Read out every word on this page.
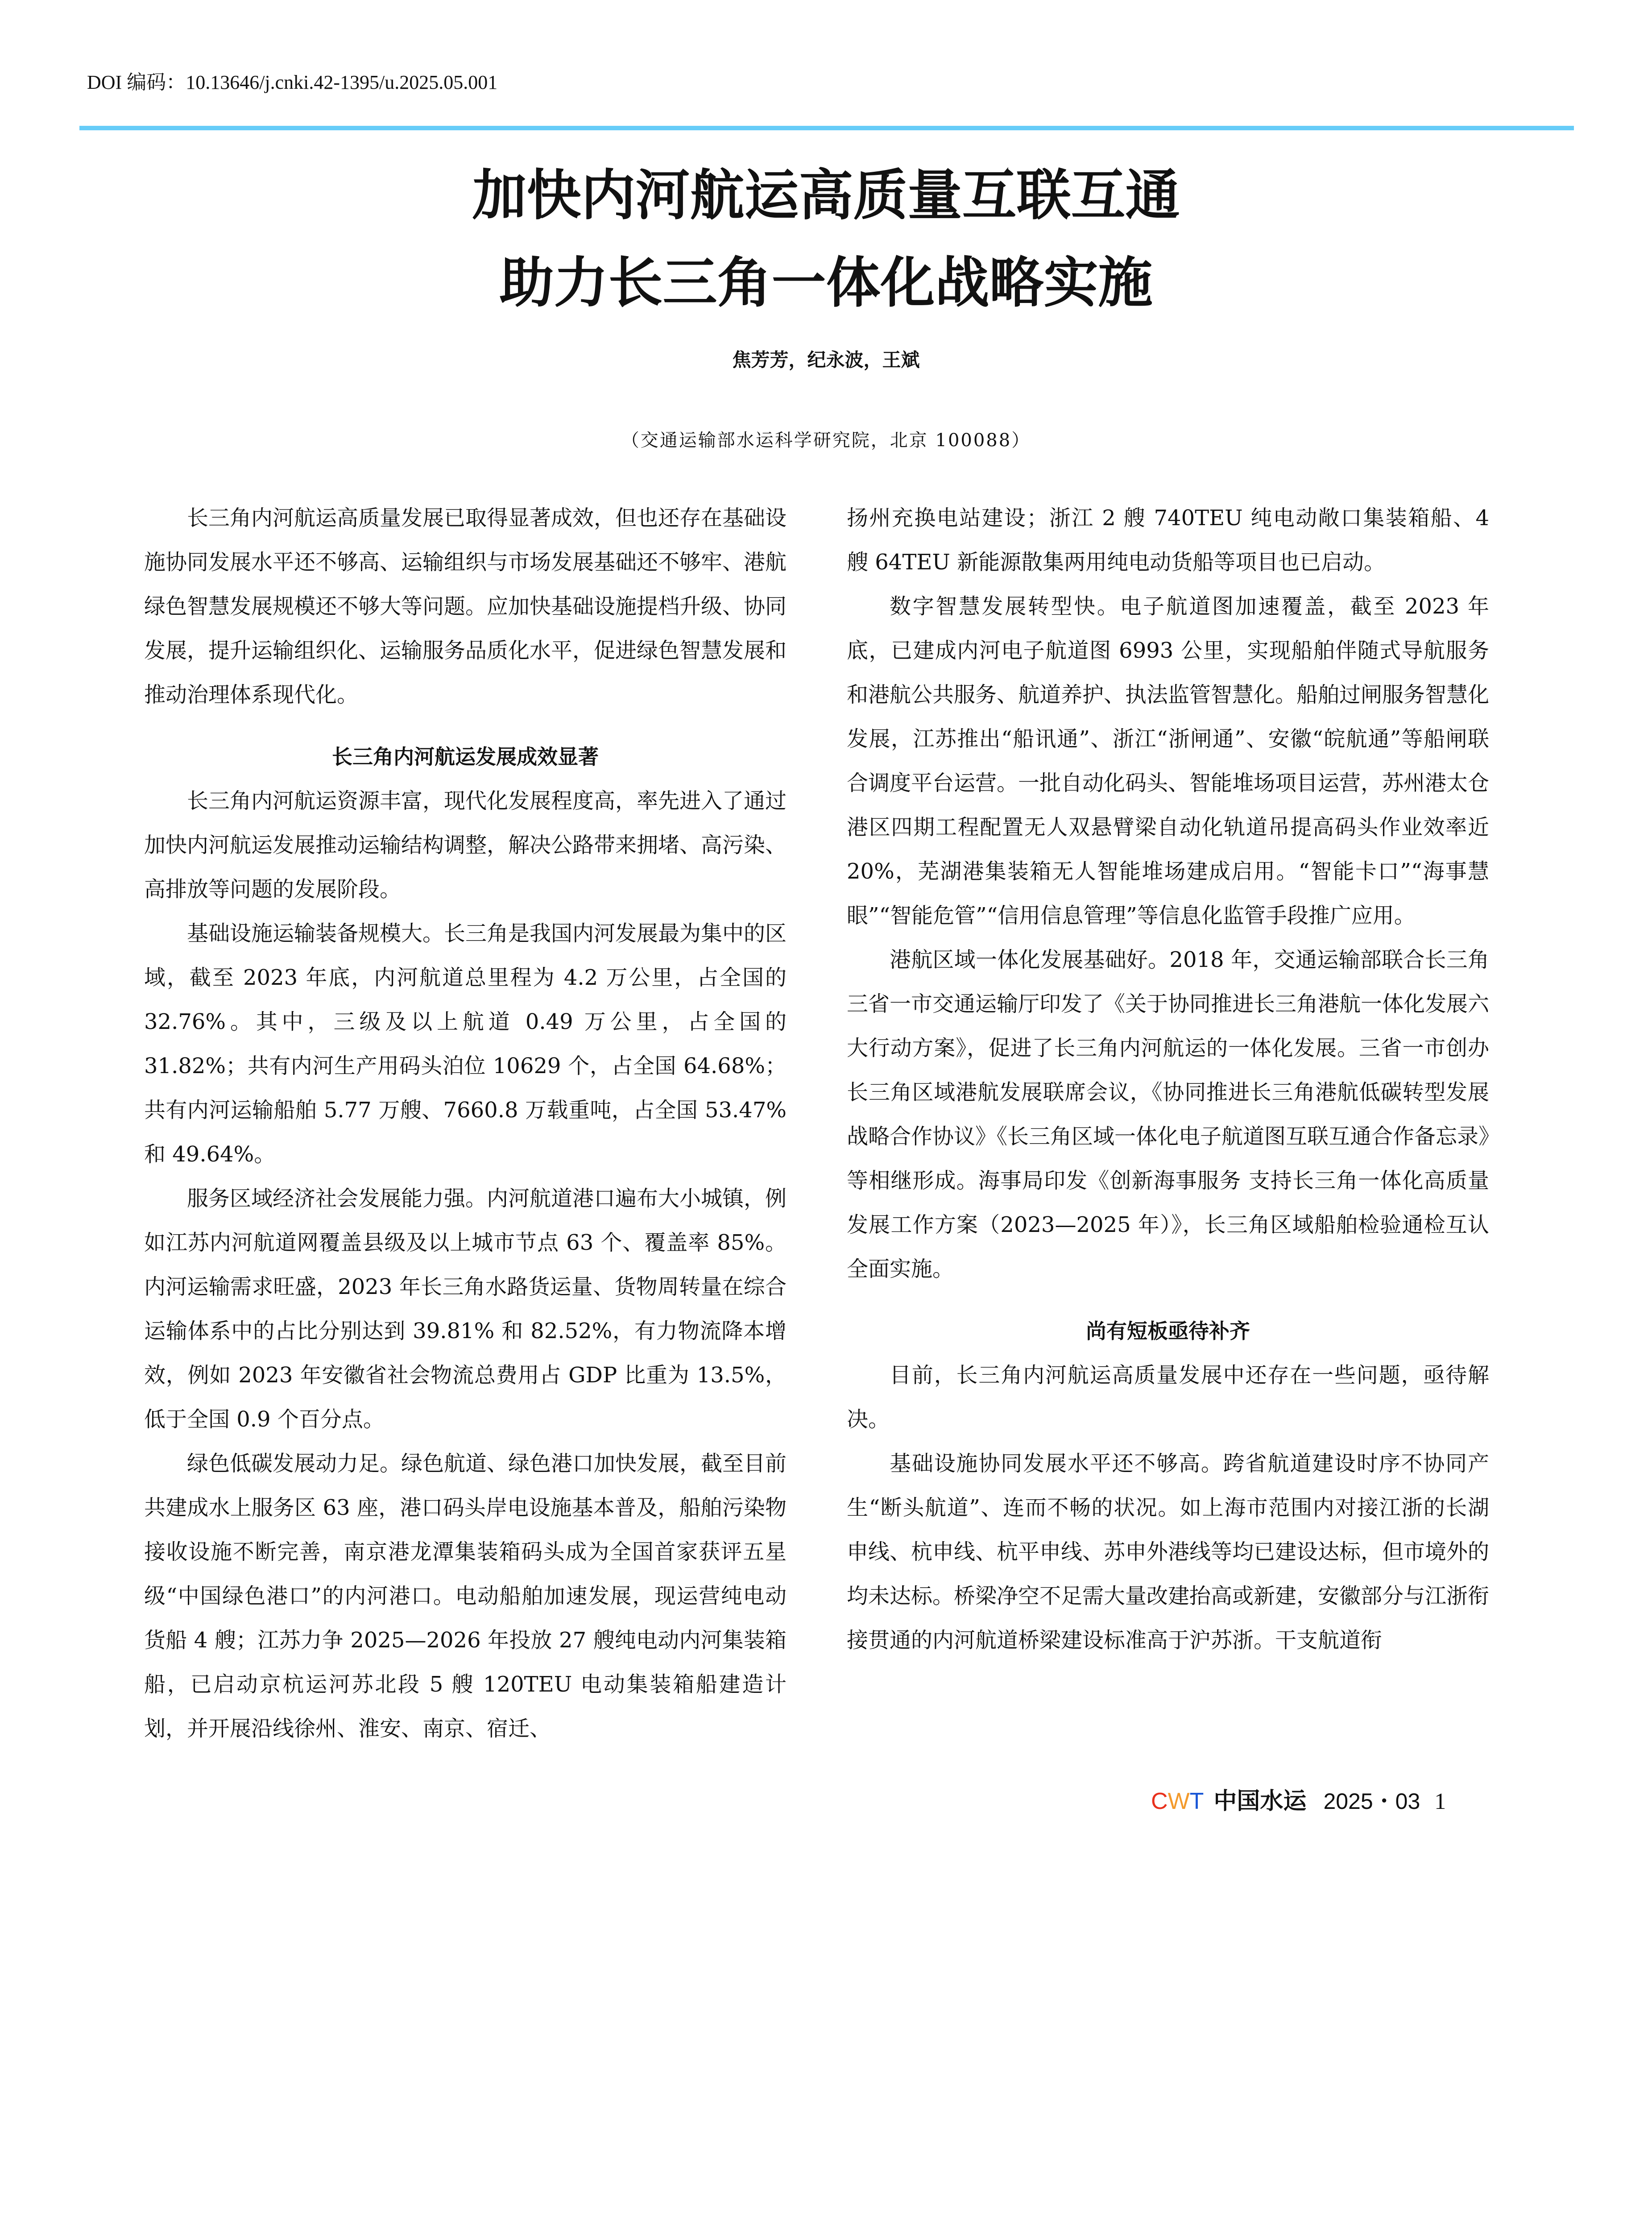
DOI 编码：10.13646/j.cnki.42-1395/u.2025.05.001
加快内河航运高质量互联互通
助力长三角一体化战略实施
焦芳芳，纪永波，王斌
（交通运输部水运科学研究院，北京 100088）

长三角内河航运高质量发展已取得显著成效，但也还存在基础设施协同发展水平还不够高、运输组织与市场发展基础还不够牢、港航绿色智慧发展规模还不够大等问题。应加快基础设施提档升级、协同发展，提升运输组织化、运输服务品质化水平，促进绿色智慧发展和推动治理体系现代化。

长三角内河航运发展成效显著

长三角内河航运资源丰富，现代化发展程度高，率先进入了通过加快内河航运发展推动运输结构调整，解决公路带来拥堵、高污染、高排放等问题的发展阶段。

基础设施运输装备规模大。长三角是我国内河发展最为集中的区域，截至 2023 年底，内河航道总里程为 4.2 万公里，占全国的 32.76%。其中，三级及以上航道 0.49 万公里，占全国的 31.82%；共有内河生产用码头泊位 10629 个，占全国 64.68%；共有内河运输船舶 5.77 万艘、7660.8 万载重吨，占全国 53.47% 和 49.64%。

服务区域经济社会发展能力强。内河航道港口遍布大小城镇，例如江苏内河航道网覆盖县级及以上城市节点 63 个、覆盖率 85%。内河运输需求旺盛，2023 年长三角水路货运量、货物周转量在综合运输体系中的占比分别达到 39.81% 和 82.52%，有力物流降本增效，例如 2023 年安徽省社会物流总费用占 GDP 比重为 13.5%，低于全国 0.9 个百分点。

绿色低碳发展动力足。绿色航道、绿色港口加快发展，截至目前共建成水上服务区 63 座，港口码头岸电设施基本普及，船舶污染物接收设施不断完善，南京港龙潭集装箱码头成为全国首家获评五星级“中国绿色港口”的内河港口。电动船舶加速发展，现运营纯电动货船 4 艘；江苏力争 2025—2026 年投放 27 艘纯电动内河集装箱船，已启动京杭运河苏北段 5 艘 120TEU 电动集装箱船建造计划，并开展沿线徐州、淮安、南京、宿迁、

扬州充换电站建设；浙江 2 艘 740TEU 纯电动敞口集装箱船、4 艘 64TEU 新能源散集两用纯电动货船等项目也已启动。

数字智慧发展转型快。电子航道图加速覆盖，截至 2023 年底，已建成内河电子航道图 6993 公里，实现船舶伴随式导航服务和港航公共服务、航道养护、执法监管智慧化。船舶过闸服务智慧化发展，江苏推出“船讯通”、浙江“浙闸通”、安徽“皖航通”等船闸联合调度平台运营。一批自动化码头、智能堆场项目运营，苏州港太仓港区四期工程配置无人双悬臂梁自动化轨道吊提高码头作业效率近 20%，芜湖港集装箱无人智能堆场建成启用。“智能卡口”“海事慧眼”“智能危管”“信用信息管理”等信息化监管手段推广应用。

港航区域一体化发展基础好。2018 年，交通运输部联合长三角三省一市交通运输厅印发了《关于协同推进长三角港航一体化发展六大行动方案》，促进了长三角内河航运的一体化发展。三省一市创办长三角区域港航发展联席会议，《协同推进长三角港航低碳转型发展战略合作协议》《长三角区域一体化电子航道图互联互通合作备忘录》等相继形成。海事局印发《创新海事服务 支持长三角一体化高质量发展工作方案（2023—2025 年）》，长三角区域船舶检验通检互认全面实施。

尚有短板亟待补齐

目前，长三角内河航运高质量发展中还存在一些问题，亟待解决。

基础设施协同发展水平还不够高。跨省航道建设时序不协同产生“断头航道”、连而不畅的状况。如上海市范围内对接江浙的长湖申线、杭申线、杭平申线、苏申外港线等均已建设达标，但市境外的均未达标。桥梁净空不足需大量改建抬高或新建，安徽部分与江浙衔接贯通的内河航道桥梁建设标准高于沪苏浙。干支航道衔

CWT 中国水运 2025・03 1
